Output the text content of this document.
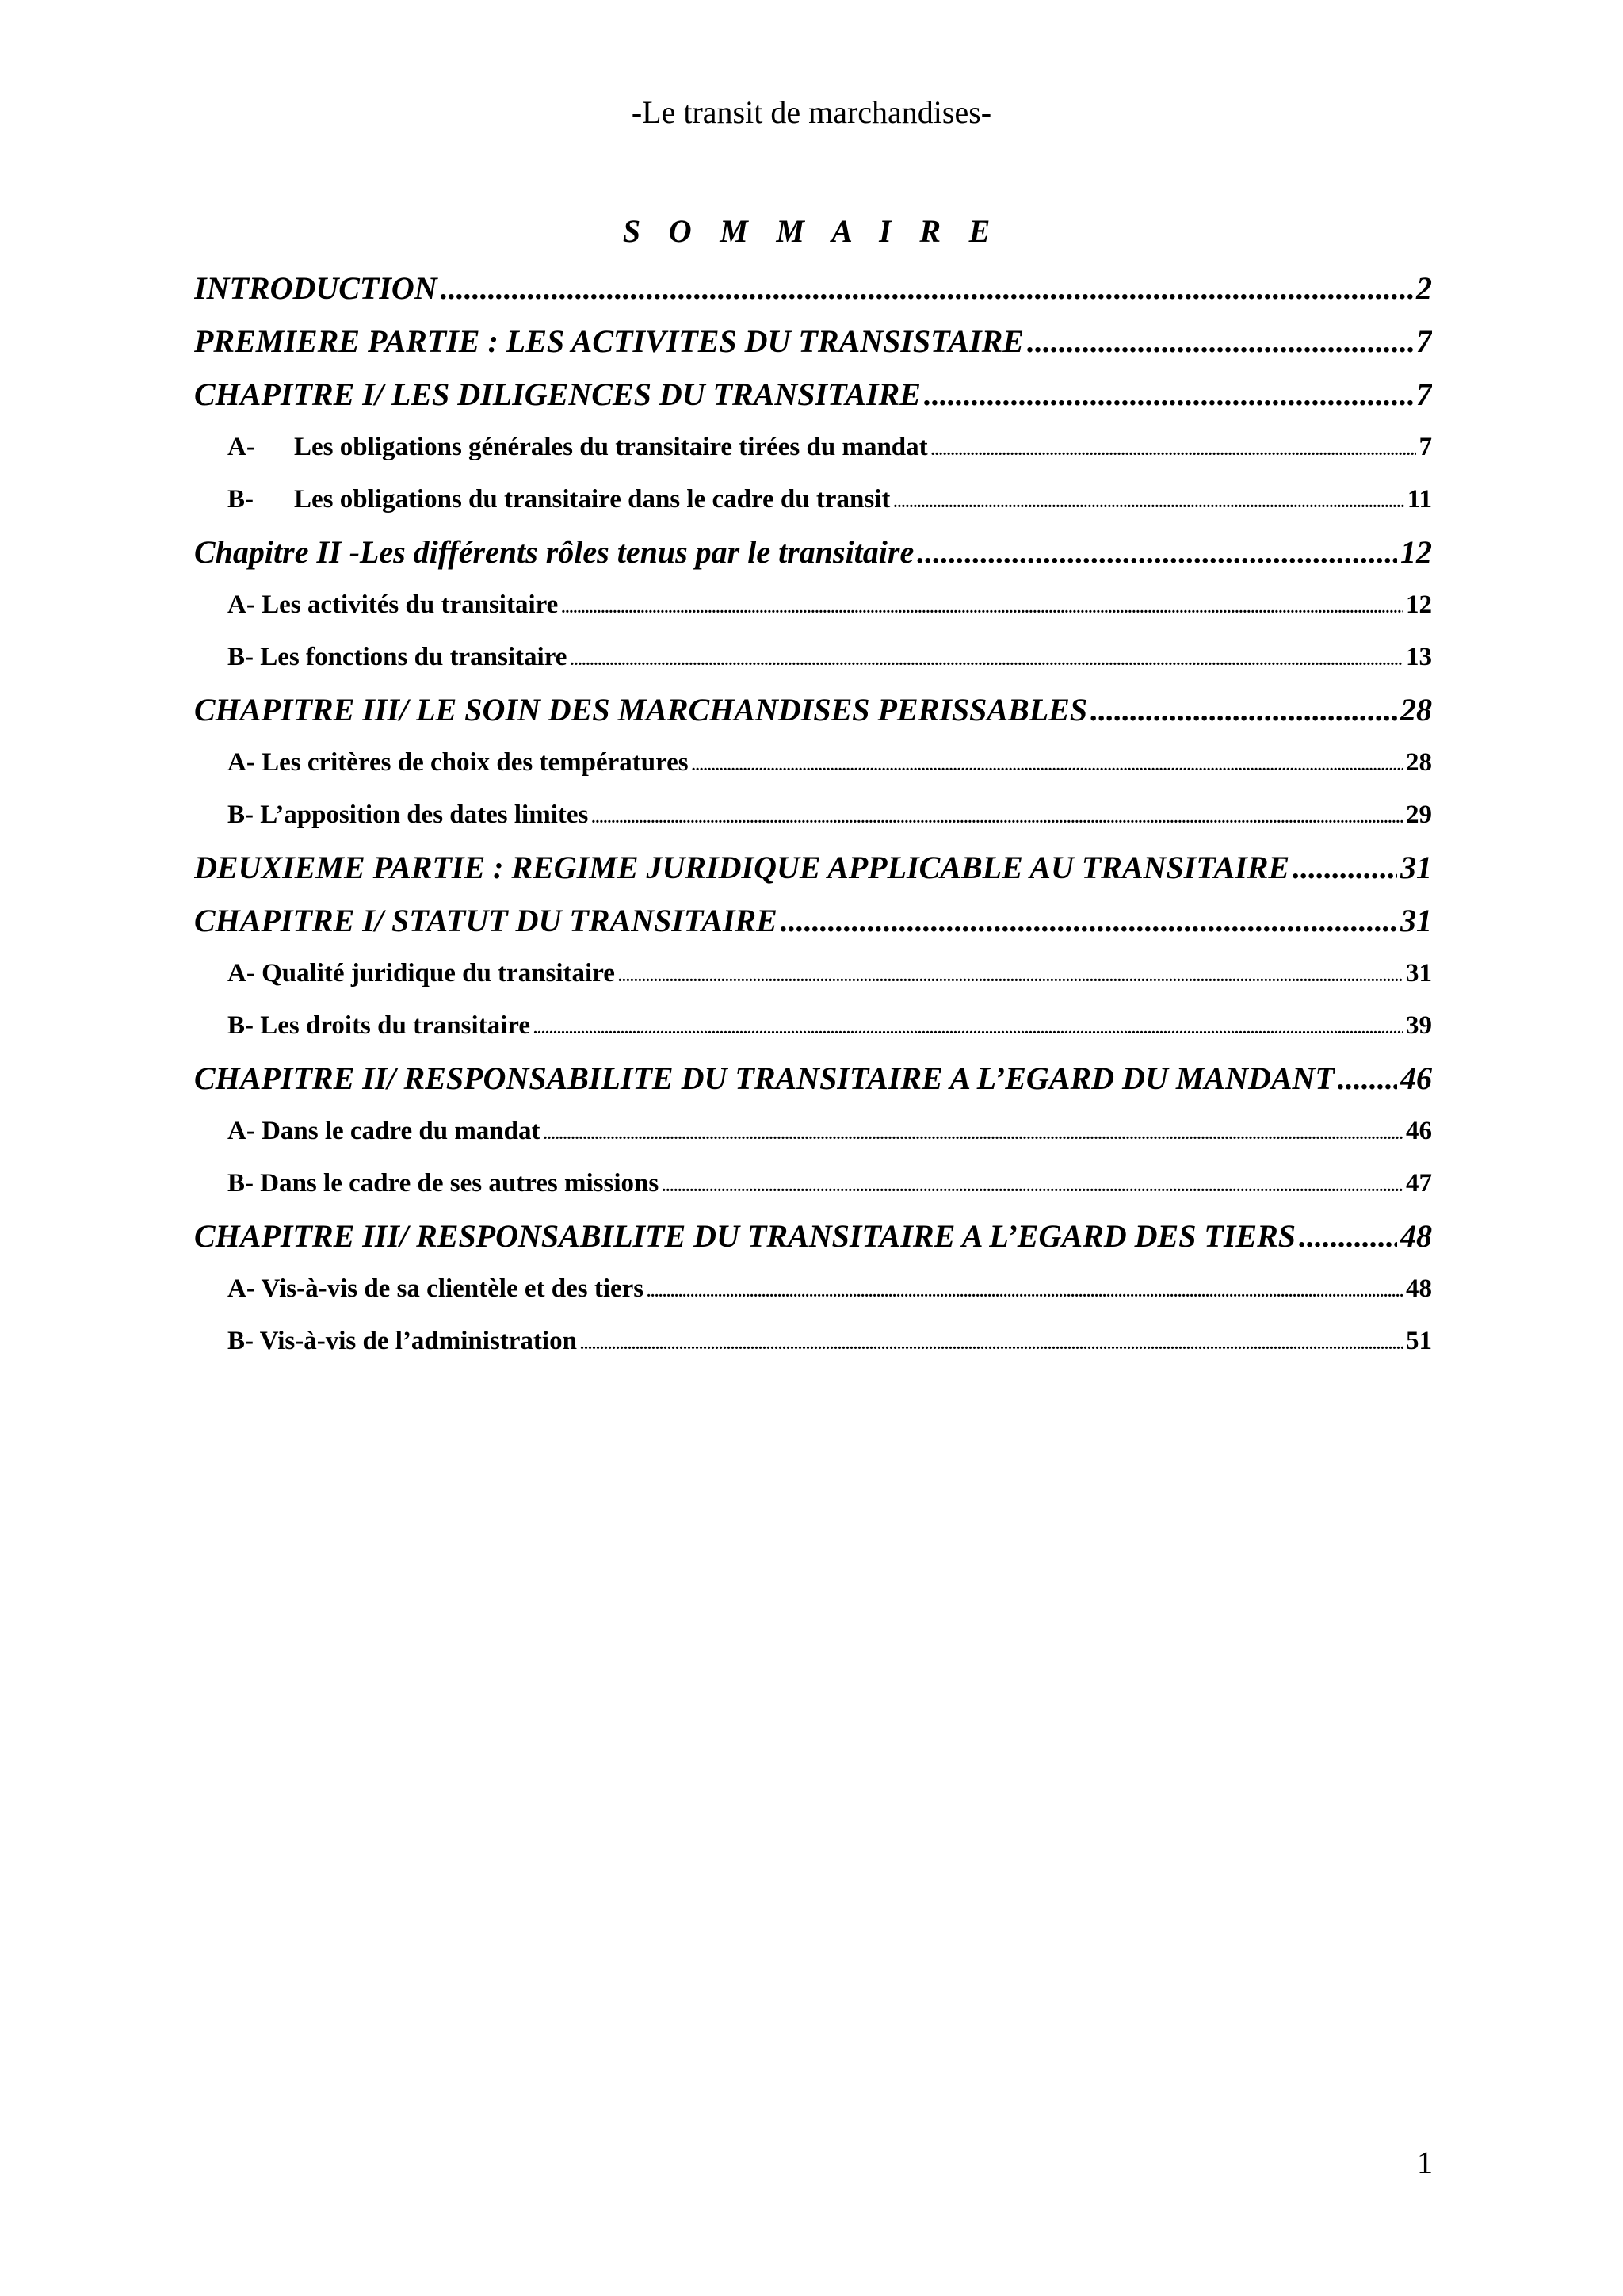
-Le transit de marchandises-
S O M M A I R E
INTRODUCTION .....	2
PREMIERE PARTIE : LES ACTIVITES DU TRANSISTAIRE .....	7
CHAPITRE I/ LES DILIGENCES DU TRANSITAIRE .....	7
A- Les obligations générales du transitaire tirées du mandat .....	7
B- Les obligations du transitaire dans le cadre du transit .....	11
Chapitre II -Les différents rôles tenus par le transitaire .....	12
A- Les activités du transitaire .....	12
B- Les fonctions du transitaire .....	13
CHAPITRE III/ LE SOIN DES MARCHANDISES PERISSABLES .....	28
A- Les critères de choix des températures .....	28
B- L’apposition des dates limites .....	29
DEUXIEME PARTIE : REGIME JURIDIQUE APPLICABLE AU TRANSITAIRE .....	31
CHAPITRE I/ STATUT DU TRANSITAIRE .....	31
A- Qualité juridique du transitaire .....	31
B- Les droits du transitaire .....	39
CHAPITRE II/ RESPONSABILITE DU TRANSITAIRE A L’EGARD DU MANDANT ..... 46
A- Dans le cadre du mandat .....	46
B- Dans le cadre de ses autres missions .....	47
CHAPITRE III/ RESPONSABILITE DU TRANSITAIRE A L’EGARD DES TIERS .....	48
A- Vis-à-vis de sa clientèle et des tiers .....	48
B- Vis-à-vis de l’administration .....	51
1
